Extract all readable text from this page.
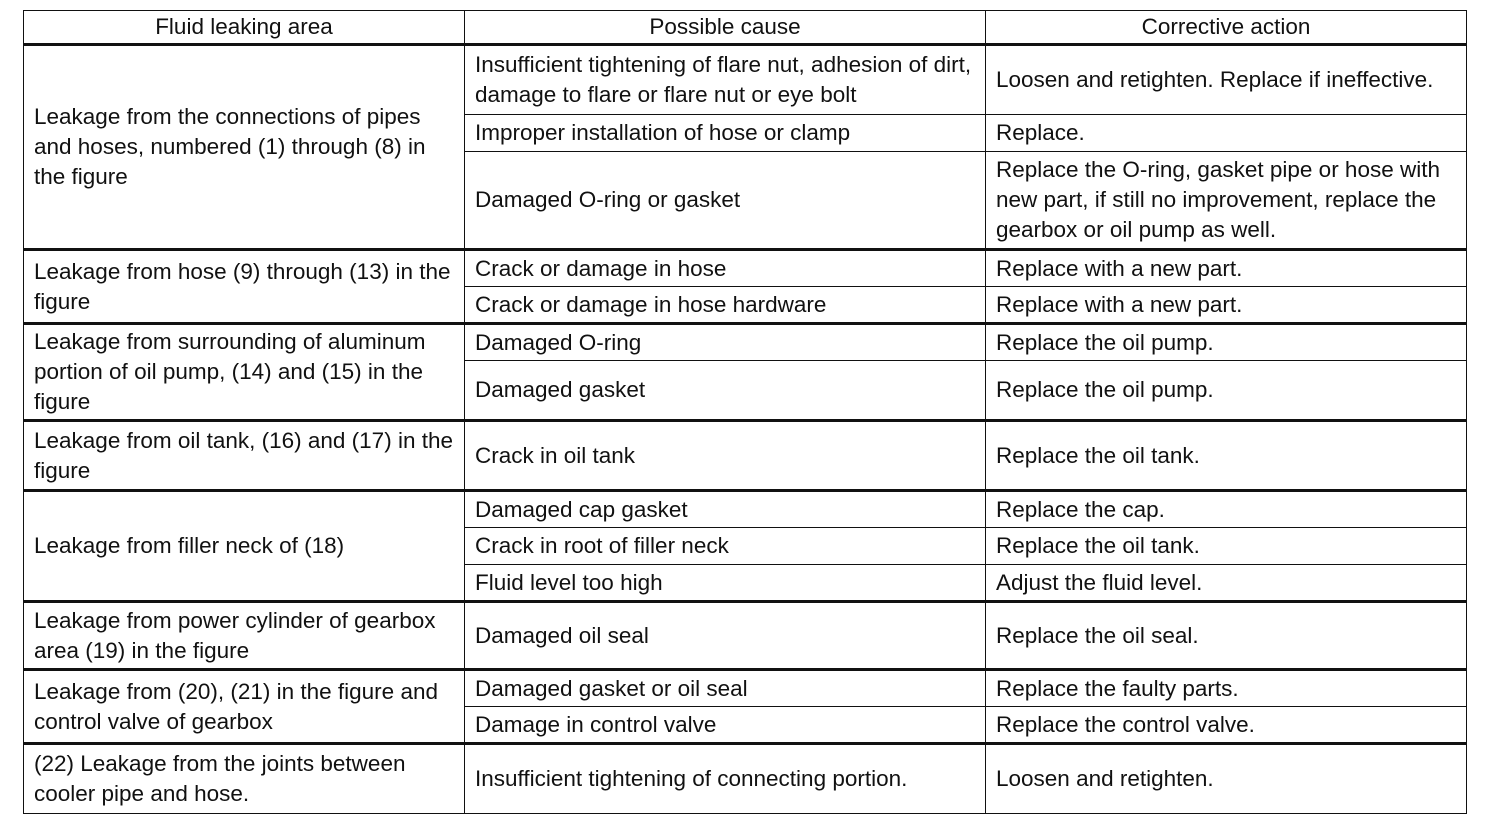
Fluid leaking area	Possible cause	Corrective action
Leakage from the connections of pipes and hoses, numbered (1) through (8) in the figure	Insufficient tightening of flare nut, adhesion of dirt, damage to flare or flare nut or eye bolt	Loosen and retighten. Replace if ineffective.
	Improper installation of hose or clamp	Replace.
	Damaged O-ring or gasket	Replace the O-ring, gasket pipe or hose with new part, if still no improvement, replace the gearbox or oil pump as well.
Leakage from hose (9) through (13) in the figure	Crack or damage in hose	Replace with a new part.
	Crack or damage in hose hardware	Replace with a new part.
Leakage from surrounding of aluminum portion of oil pump, (14) and (15) in the figure	Damaged O-ring	Replace the oil pump.
	Damaged gasket	Replace the oil pump.
Leakage from oil tank, (16) and (17) in the figure	Crack in oil tank	Replace the oil tank.
Leakage from filler neck of (18)	Damaged cap gasket	Replace the cap.
	Crack in root of filler neck	Replace the oil tank.
	Fluid level too high	Adjust the fluid level.
Leakage from power cylinder of gearbox area (19) in the figure	Damaged oil seal	Replace the oil seal.
Leakage from (20), (21) in the figure and control valve of gearbox	Damaged gasket or oil seal	Replace the faulty parts.
	Damage in control valve	Replace the control valve.
(22) Leakage from the joints between cooler pipe and hose.	Insufficient tightening of connecting portion.	Loosen and retighten.
